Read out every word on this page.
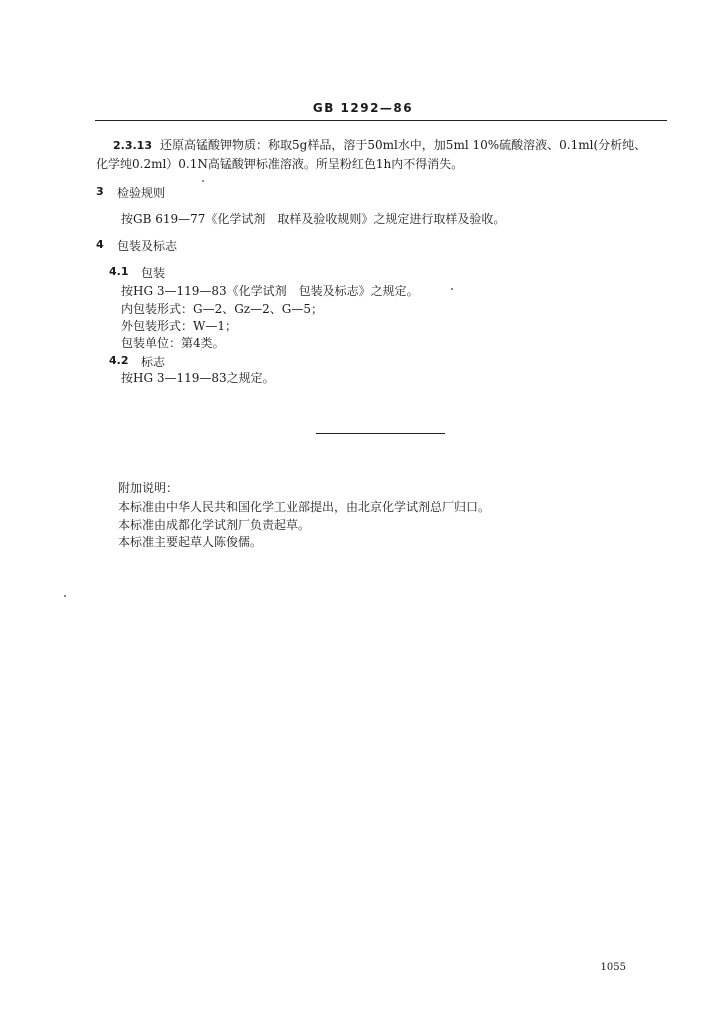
GB 1292—86
2.3.13 还原高锰酸钾物质：称取5g样品，溶于50ml水中，加5ml 10%硫酸溶液、0.1ml(分析纯、
化学纯0.2ml）0.1N高锰酸钾标准溶液。所呈粉红色1h内不得消失。
3 检验规则
按GB 619—77《化学试剂　取样及验收规则》之规定进行取样及验收。
4 包装及标志
4.1 包装
按HG 3—119—83《化学试剂　包装及标志》之规定。
内包装形式：G—2、Gz—2、G—5；
外包装形式：W—1；
包装单位：第4类。
4.2 标志
按HG 3—119—83之规定。
附加说明：
本标准由中华人民共和国化学工业部提出，由北京化学试剂总厂归口。
本标准由成都化学试剂厂负责起草。
本标准主要起草人陈俊儒。
1055
